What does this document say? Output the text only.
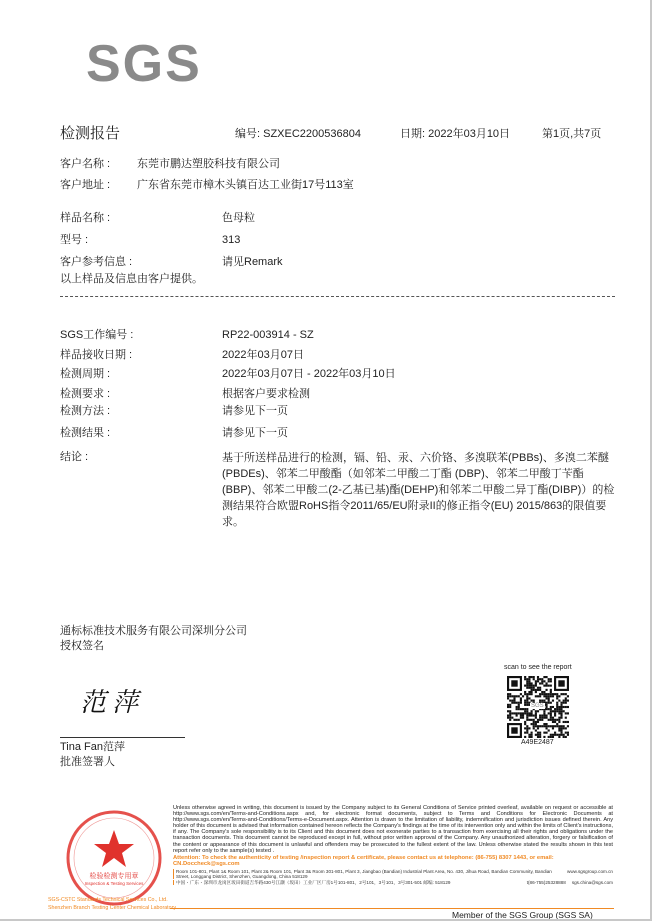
SGS
检测报告	编号: SZXEC2200536804	日期: 2022年03月10日	第1页,共7页
客户名称 : 东莞市鹏达塑胶科技有限公司
客户地址 : 广东省东莞市樟木头镇百达工业街17号113室
样品名称 :	色母粒
型号 :	313
客户参考信息 :	请见Remark
以上样品及信息由客户提供。
SGS工作编号 :	RP22-003914 - SZ
样品接收日期 :	2022年03月07日
检测周期 :	2022年03月07日 - 2022年03月10日
检测要求 :	根据客户要求检测
检测方法 :	请参见下一页
检测结果 :	请参见下一页
结论 :	基于所送样品进行的检测，镉、铅、汞、六价铬、多溴联苯(PBBs)、多溴二苯醚(PBDEs)、邻苯二甲酸酯（如邻苯二甲酸二丁酯 (DBP)、邻苯二甲酸丁苄酯(BBP)、邻苯二甲酸二(2-乙基已基)酯(DEHP)和邻苯二甲酸二异丁酯(DIBP)）的检测结果符合欧盟RoHS指令2011/65/EU附录II的修正指令(EU) 2015/863的限值要求。
通标标准技术服务有限公司深圳分公司
授权签名
范萍
Tina Fan范萍
批准签署人
scan to see the report
SGS
A49E2487
检验检测专用章
Inspection & Testing Services
SGS-CSTC Standards Technical Services Co., Ltd.
Shenzhen Branch Testing Center Chemical Laboratory
Unless otherwise agreed in writing, this document is issued by the Company subject to its General Conditions of Service printed overleaf, available on request or accessible at http://www.sgs.com/en/Terms-and-Conditions.aspx and, for electronic format documents, subject to Terms and Conditions for Electronic Documents at http://www.sgs.com/en/Terms-and-Conditions/Terms-e-Document.aspx. Attention is drawn to the limitation of liability, indemnification and jurisdiction issues defined therein. Any holder of this document is advised that information contained hereon reflects the Company's findings at the time of its intervention only and within the limits of Client's instructions, if any. The Company's sole responsibility is to its Client and this document does not exonerate parties to a transaction from exercising all their rights and obligations under the transaction documents. This document cannot be reproduced except in full, without prior written approval of the Company. Any unauthorized alteration, forgery or falsification of the content or appearance of this document is unlawful and offenders may be prosecuted to the fullest extent of the law. Unless otherwise stated the results shown in this test report refer only to the sample(s) tested .
Attention: To check the authenticity of testing /inspection report & certificate, please contact us at telephone: (86-755) 8307 1443, or email: CN.Doccheck@sgs.com
Room 101-801, Plant 1& Room 101, Plant 2& Room 101, Plant 3& Room 301-801, Plant 3, Jiangbao (Bandian) Industrial Plant Area, No. 430, Jihua Road, Bandian Community, Bandian Street, Longgang District, Shenzhen, Guangdong, China 518129
www.sgsgroup.com.cn
中国・广东・深圳市龙岗区坂田街道吉华路430号江灏（坂田）工业厂区厂房1号101-801，2号101，3号101，3号301-501 邮编: 518129	t(86-755)25328888 sgs.china@sgs.com
Member of the SGS Group (SGS SA)
